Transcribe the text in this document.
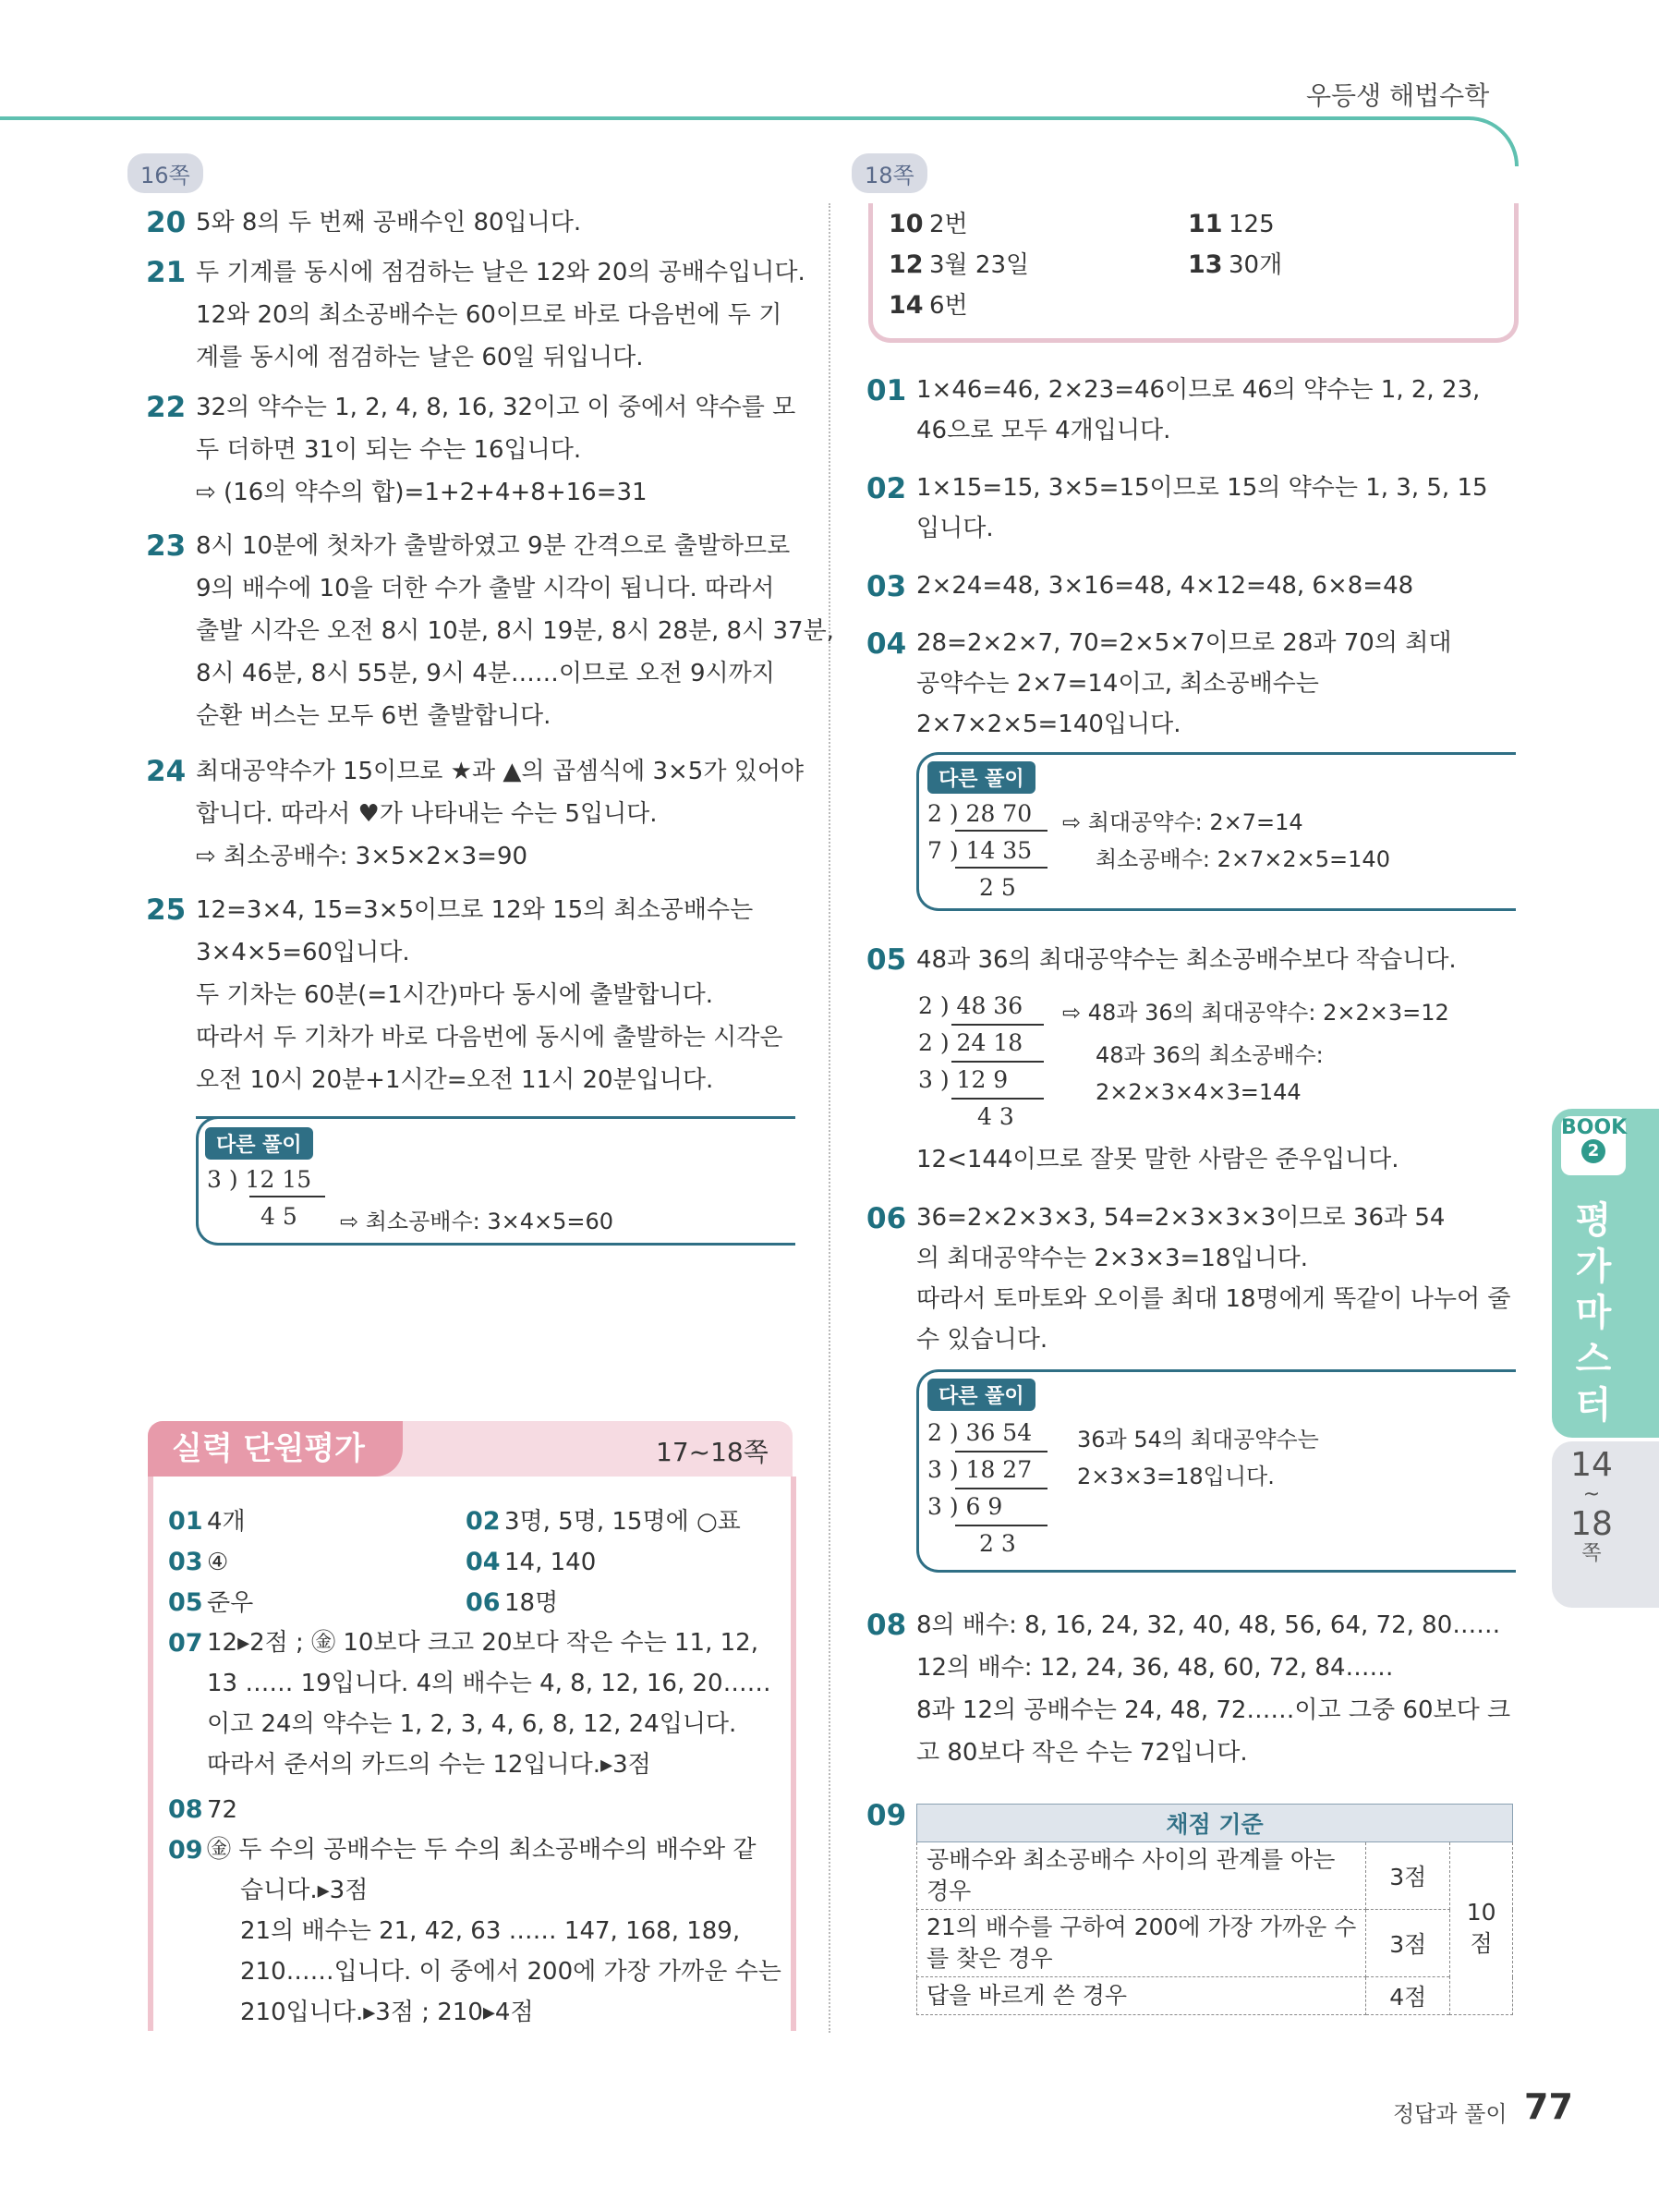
우등생 해법수학
16쪽
20 5와 8의 두 번째 공배수인 80입니다.
21 두 기계를 동시에 점검하는 날은 12와 20의 공배수입니다.
12와 20의 최소공배수는 60이므로 바로 다음번에 두 기
계를 동시에 점검하는 날은 60일 뒤입니다.
22 32의 약수는 1, 2, 4, 8, 16, 32이고 이 중에서 약수를 모
두 더하면 31이 되는 수는 16입니다.
⇨ (16의 약수의 합)=1+2+4+8+16=31
23 8시 10분에 첫차가 출발하였고 9분 간격으로 출발하므로
9의 배수에 10을 더한 수가 출발 시각이 됩니다. 따라서
출발 시각은 오전 8시 10분, 8시 19분, 8시 28분, 8시 37분,
8시 46분, 8시 55분, 9시 4분……이므로 오전 9시까지
순환 버스는 모두 6번 출발합니다.
24 최대공약수가 15이므로 ★과 ▲의 곱셈식에 3×5가 있어야
합니다. 따라서 ♥가 나타내는 수는 5입니다.
⇨ 최소공배수: 3×5×2×3=90
25 12=3×4, 15=3×5이므로 12와 15의 최소공배수는
3×4×5=60입니다.
두 기차는 60분(=1시간)마다 동시에 출발합니다.
따라서 두 기차가 바로 다음번에 동시에 출발하는 시각은
오전 10시 20분+1시간=오전 11시 20분입니다.
다른 풀이
3 ) 12 15
4 5 ⇨ 최소공배수: 3×4×5=60
실력 단원평가	17~18쪽
01 4개	02 3명, 5명, 15명에 ○표
03 ④	04 14, 140
05 준우	06 18명
07 12▸2점 ; ㊎ 10보다 크고 20보다 작은 수는 11, 12,
13 …… 19입니다. 4의 배수는 4, 8, 12, 16, 20……
이고 24의 약수는 1, 2, 3, 4, 6, 8, 12, 24입니다.
따라서 준서의 카드의 수는 12입니다.▸3점
08 72
09 ㊎ 두 수의 공배수는 두 수의 최소공배수의 배수와 같
습니다.▸3점
21의 배수는 21, 42, 63 …… 147, 168, 189,
210……입니다. 이 중에서 200에 가장 가까운 수는
210입니다.▸3점 ; 210▸4점
18쪽
10 2번	11 125
12 3월 23일	13 30개
14 6번
01 1×46=46, 2×23=46이므로 46의 약수는 1, 2, 23,
46으로 모두 4개입니다.
02 1×15=15, 3×5=15이므로 15의 약수는 1, 3, 5, 15
입니다.
03 2×24=48, 3×16=48, 4×12=48, 6×8=48
04 28=2×2×7, 70=2×5×7이므로 28과 70의 최대
공약수는 2×7=14이고, 최소공배수는
2×7×2×5=140입니다.
다른 풀이
2 ) 28 70
7 ) 14 35
2 5
⇨ 최대공약수: 2×7=14
최소공배수: 2×7×2×5=140
05 48과 36의 최대공약수는 최소공배수보다 작습니다.
2 ) 48 36
2 ) 24 18
3 ) 12 9
4 3
⇨ 48과 36의 최대공약수: 2×2×3=12
48과 36의 최소공배수:
2×2×3×4×3=144
12<144이므로 잘못 말한 사람은 준우입니다.
06 36=2×2×3×3, 54=2×3×3×3이므로 36과 54
의 최대공약수는 2×3×3=18입니다.
따라서 토마토와 오이를 최대 18명에게 똑같이 나누어 줄
수 있습니다.
다른 풀이
2 ) 36 54
3 ) 18 27
3 ) 6 9
2 3
36과 54의 최대공약수는
2×3×3=18입니다.
08 8의 배수: 8, 16, 24, 32, 40, 48, 56, 64, 72, 80……
12의 배수: 12, 24, 36, 48, 60, 72, 84……
8과 12의 공배수는 24, 48, 72……이고 그중 60보다 크
고 80보다 작은 수는 72입니다.
09	채점 기준		

공배수와 최소공배수 사이의 관계를 아는
경우	3점	10점

21의 배수를 구하여 200에 가장 가까운 수
를 찾은 경우	3점	
답을 바르게 쓴 경우	4점	
BOOK
2
평
가
마
스
터
14
~
18
쪽
정답과 풀이 77
